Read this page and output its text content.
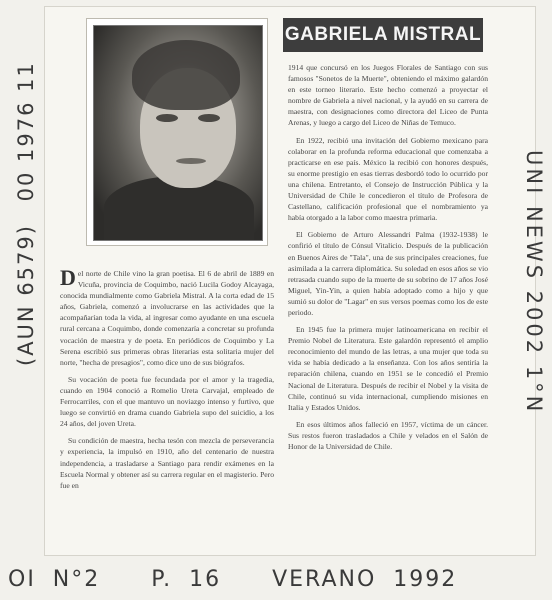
GABRIELA MISTRAL

Del norte de Chile vino la gran poetisa. El 6 de abril de 1889 en Vicuña, provincia de Coquimbo, nació Lucila Godoy Alcayaga, conocida mundialmente como Gabriela Mistral. A la corta edad de 15 años, Gabriela, comenzó a involucrarse en las actividades que la acompañarían toda la vida, al ingresar como ayudante en una escuela rural cercana a Coquimbo, donde comenzaría a concretar su profunda vocación de maestra y de poeta. En periódicos de Coquimbo y La Serena escribió sus primeras obras literarias esta solitaria mujer del norte, "hecha de presagios", como dice uno de sus biógrafos.

Su vocación de poeta fue fecundada por el amor y la tragedia, cuando en 1904 conoció a Romelio Ureta Carvajal, empleado de Ferrocarriles, con el que mantuvo un noviazgo intenso y furtivo, que luego se convirtió en drama cuando Gabriela supo del suicidio, a los 24 años, del joven Ureta.

Su condición de maestra, hecha tesón con mezcla de perseverancia y experiencia, la impulsó en 1910, año del centenario de nuestra independencia, a trasladarse a Santiago para rendir exámenes en la Escuela Normal y obtener así su carrera regular en el magisterio. Pero fue en

1914 que concursó en los Juegos Florales de Santiago con sus famosos "Sonetos de la Muerte", obteniendo el máximo galardón en este torneo literario. Este hecho comenzó a proyectar el nombre de Gabriela a nivel nacional, y la ayudó en su carrera de maestra, con designaciones como directora del Liceo de Punta Arenas, y luego a cargo del Liceo de Niñas de Temuco.

En 1922, recibió una invitación del Gobierno mexicano para colaborar en la profunda reforma educacional que comenzaba a practicarse en ese país. México la recibió con honores después, su enorme prestigio en esas tierras desbordó todo lo ocurrido por una chilena. Entretanto, el Consejo de Instrucción Pública y la Universidad de Chile le concedieron el título de Profesora de Castellano, calificación profesional que el nombramiento ya había otorgado a la labor como maestra primaria.

El Gobierno de Arturo Alessandri Palma (1932-1938) le confirió el título de Cónsul Vitalicio. Después de la publicación en Buenos Aires de "Tala", una de sus principales creaciones, fue asimilada a la carrera diplomática. Su soledad en esos años se vio retrasada cuando supo de la muerte de su sobrino de 17 años José Miguel, Yin-Yin, a quien había adoptado como a hijo y que sumió su dolor de "Lagar" en sus versos poemas como los de este periodo.

En 1945 fue la primera mujer latinoamericana en recibir el Premio Nobel de Literatura. Este galardón representó el amplio reconocimiento del mundo de las letras, a una mujer que toda su vida se había dedicado a la enseñanza. Con los años sentiría la reparación chilena, cuando en 1951 se le concedió el Premio Nacional de Literatura. Después de recibir el Nobel y la visita de Chile, continuó su vida internacional, cumpliendo misiones en Italia y Estados Unidos.

En esos últimos años falleció en 1957, víctima de un cáncer. Sus restos fueron trasladados a Chile y velados en el Salón de Honor de la Universidad de Chile.

(AUN 6579) 00 1976 11
UNI NEWS 2002 1°N
OI N°2 P. 16 VERANO 1992
